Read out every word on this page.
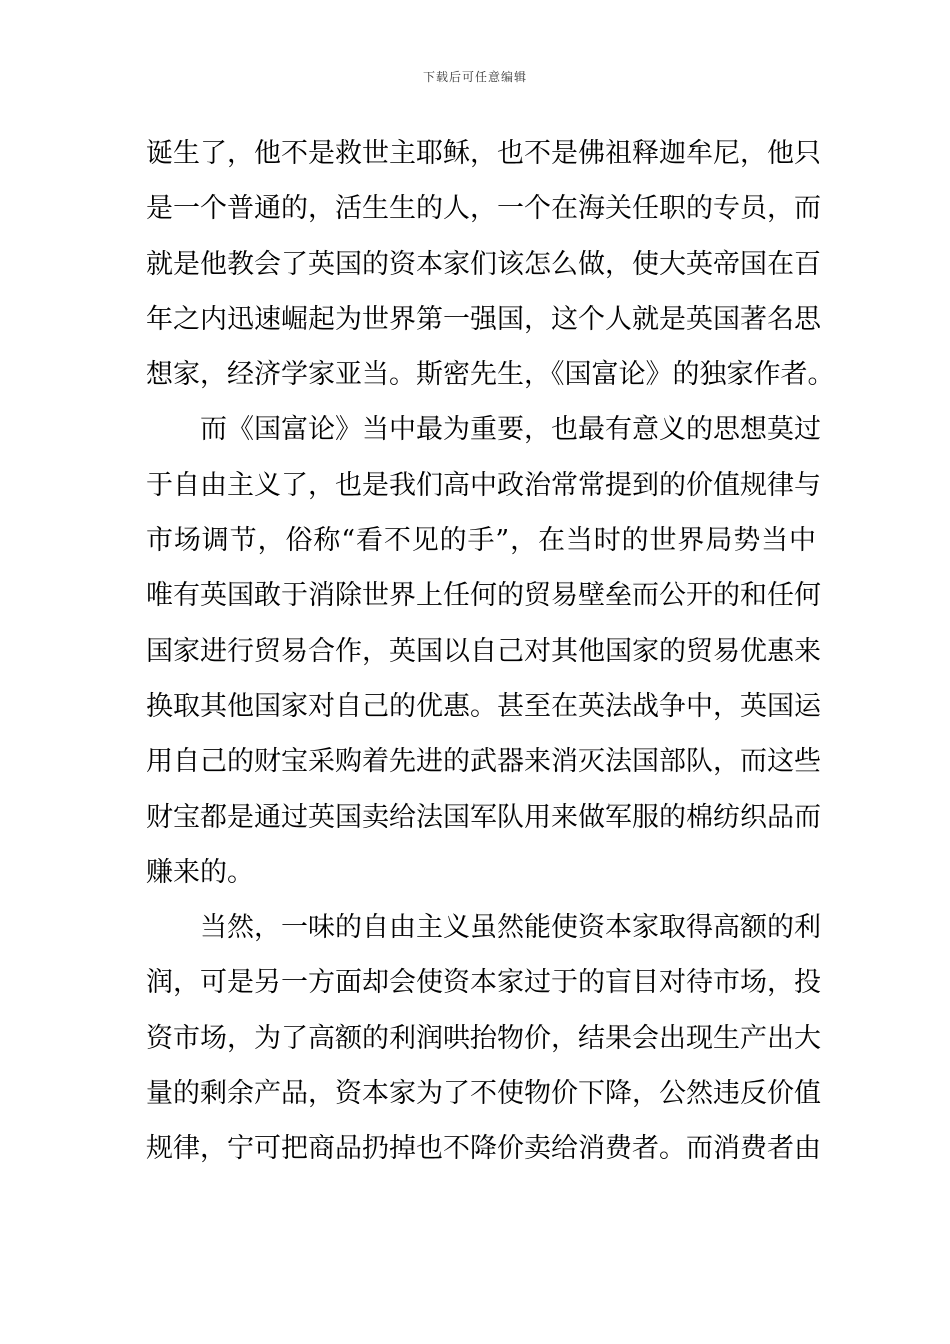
下载后可任意编辑
诞生了，他不是救世主耶稣，也不是佛祖释迦牟尼，他只
是一个普通的，活生生的人，一个在海关任职的专员，而
就是他教会了英国的资本家们该怎么做，使大英帝国在百
年之内迅速崛起为世界第一强国，这个人就是英国著名思
想家，经济学家亚当。斯密先生，《国富论》的独家作者。
而《国富论》当中最为重要，也最有意义的思想莫过
于自由主义了，也是我们高中政治常常提到的价值规律与
市场调节，俗称“看不见的手”，在当时的世界局势当中
唯有英国敢于消除世界上任何的贸易壁垒而公开的和任何
国家进行贸易合作，英国以自己对其他国家的贸易优惠来
换取其他国家对自己的优惠。甚至在英法战争中，英国运
用自己的财宝采购着先进的武器来消灭法国部队，而这些
财宝都是通过英国卖给法国军队用来做军服的棉纺织品而
赚来的。
当然，一味的自由主义虽然能使资本家取得高额的利
润，可是另一方面却会使资本家过于的盲目对待市场，投
资市场，为了高额的利润哄抬物价，结果会出现生产出大
量的剩余产品，资本家为了不使物价下降，公然违反价值
规律，宁可把商品扔掉也不降价卖给消费者。而消费者由
